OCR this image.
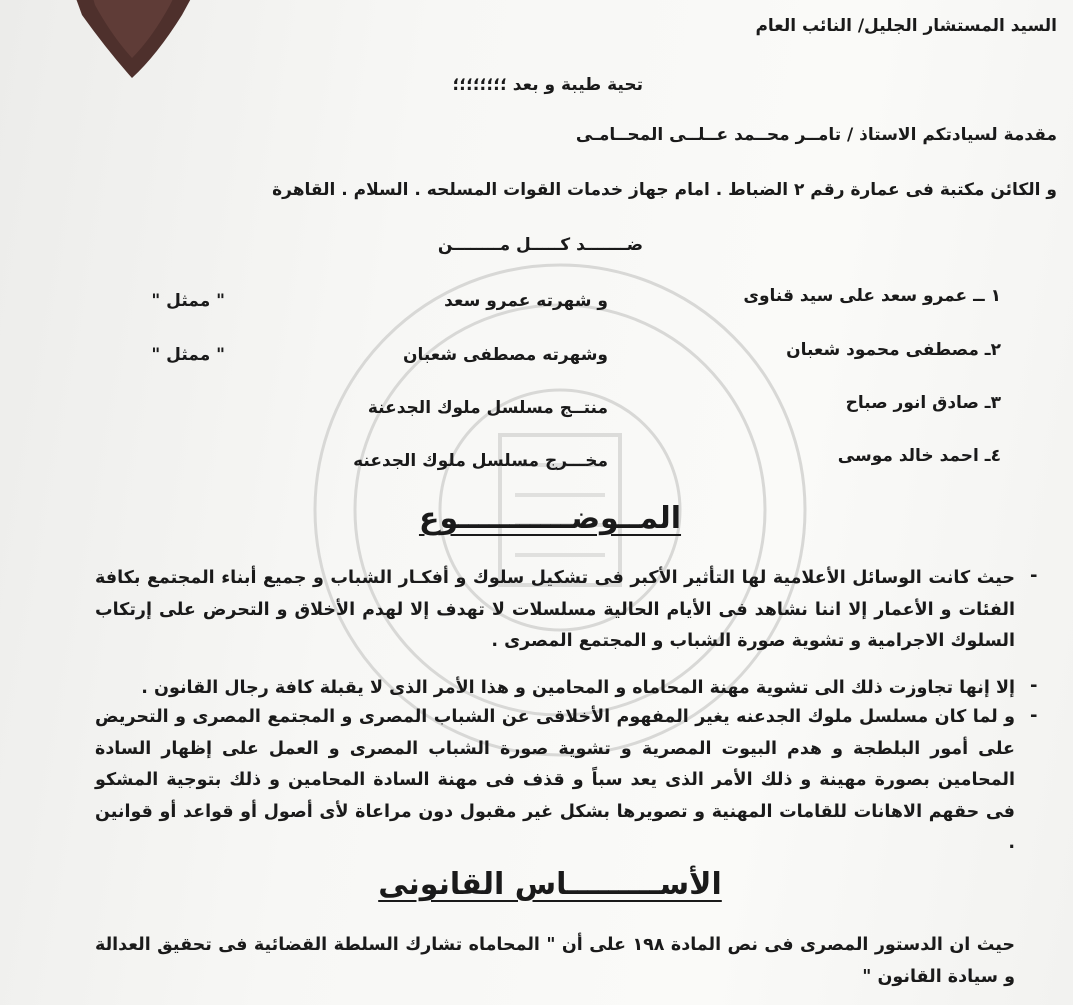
السيد المستشار الجليل/ النائب العام
تحية طيبة و بعد ؛؛؛؛؛؛؛؛
مقدمة لسيادتكم الاستاذ / تامــر محــمد عــلــى المحــامـى
و الكائن مكتبة فى عمارة رقم ٢ الضباط . امام جهاز خدمات القوات المسلحه . السلام . القاهرة
ضـــــــد كـــــل مــــــــن
١ ــ عمرو سعد على سيد قناوى
و شهرته عمرو سعد
" ممثل "
٢ـ مصطفى محمود شعبان
وشهرته مصطفى شعبان
" ممثل "
٣ـ صادق انور صباح
منتــج مسلسل ملوك الجدعنة
٤ـ احمد خالد موسى
مخـــرج مسلسل ملوك الجدعنه
المــوضـــــــــــوع
-
حيث كانت الوسائل الأعلامية لها التأثير الأكبر فى تشكيل سلوك و أفكـار الشباب و جميع أبناء المجتمع بكافة الفئات و الأعمار إلا اننا نشاهد فى الأيام الحالية مسلسلات لا تهدف إلا لهدم الأخلاق و التحرض على إرتكاب السلوك الاجرامية و تشوية صورة الشباب و المجتمع المصرى .
-
إلا إنها تجاوزت ذلك الى تشوية مهنة المحاماه و المحامين و هذا الأمر الذى لا يقبلة كافة رجال القانون .
-
و لما كان مسلسل ملوك الجدعنه يغير المفهوم الأخلاقى عن الشباب المصرى و المجتمع المصرى و التحريض على أمور البلطجة و هدم البيوت المصرية و تشوية صورة الشباب المصرى و العمل على إظهار السادة المحامين بصورة مهينة و ذلك الأمر الذى يعد سباً و قذف فى مهنة السادة المحامين و ذلك بتوجية المشكو فى حقهم الاهانات للقامات المهنية و تصويرها بشكل غير مقبول دون مراعاة لأى أصول أو قواعد أو قوانين .
الأســـــــــاس القانونى
حيث ان الدستور المصرى فى نص المادة ١٩٨ على أن " المحاماه تشارك السلطة القضائية فى تحقيق العدالة و سيادة القانون "
